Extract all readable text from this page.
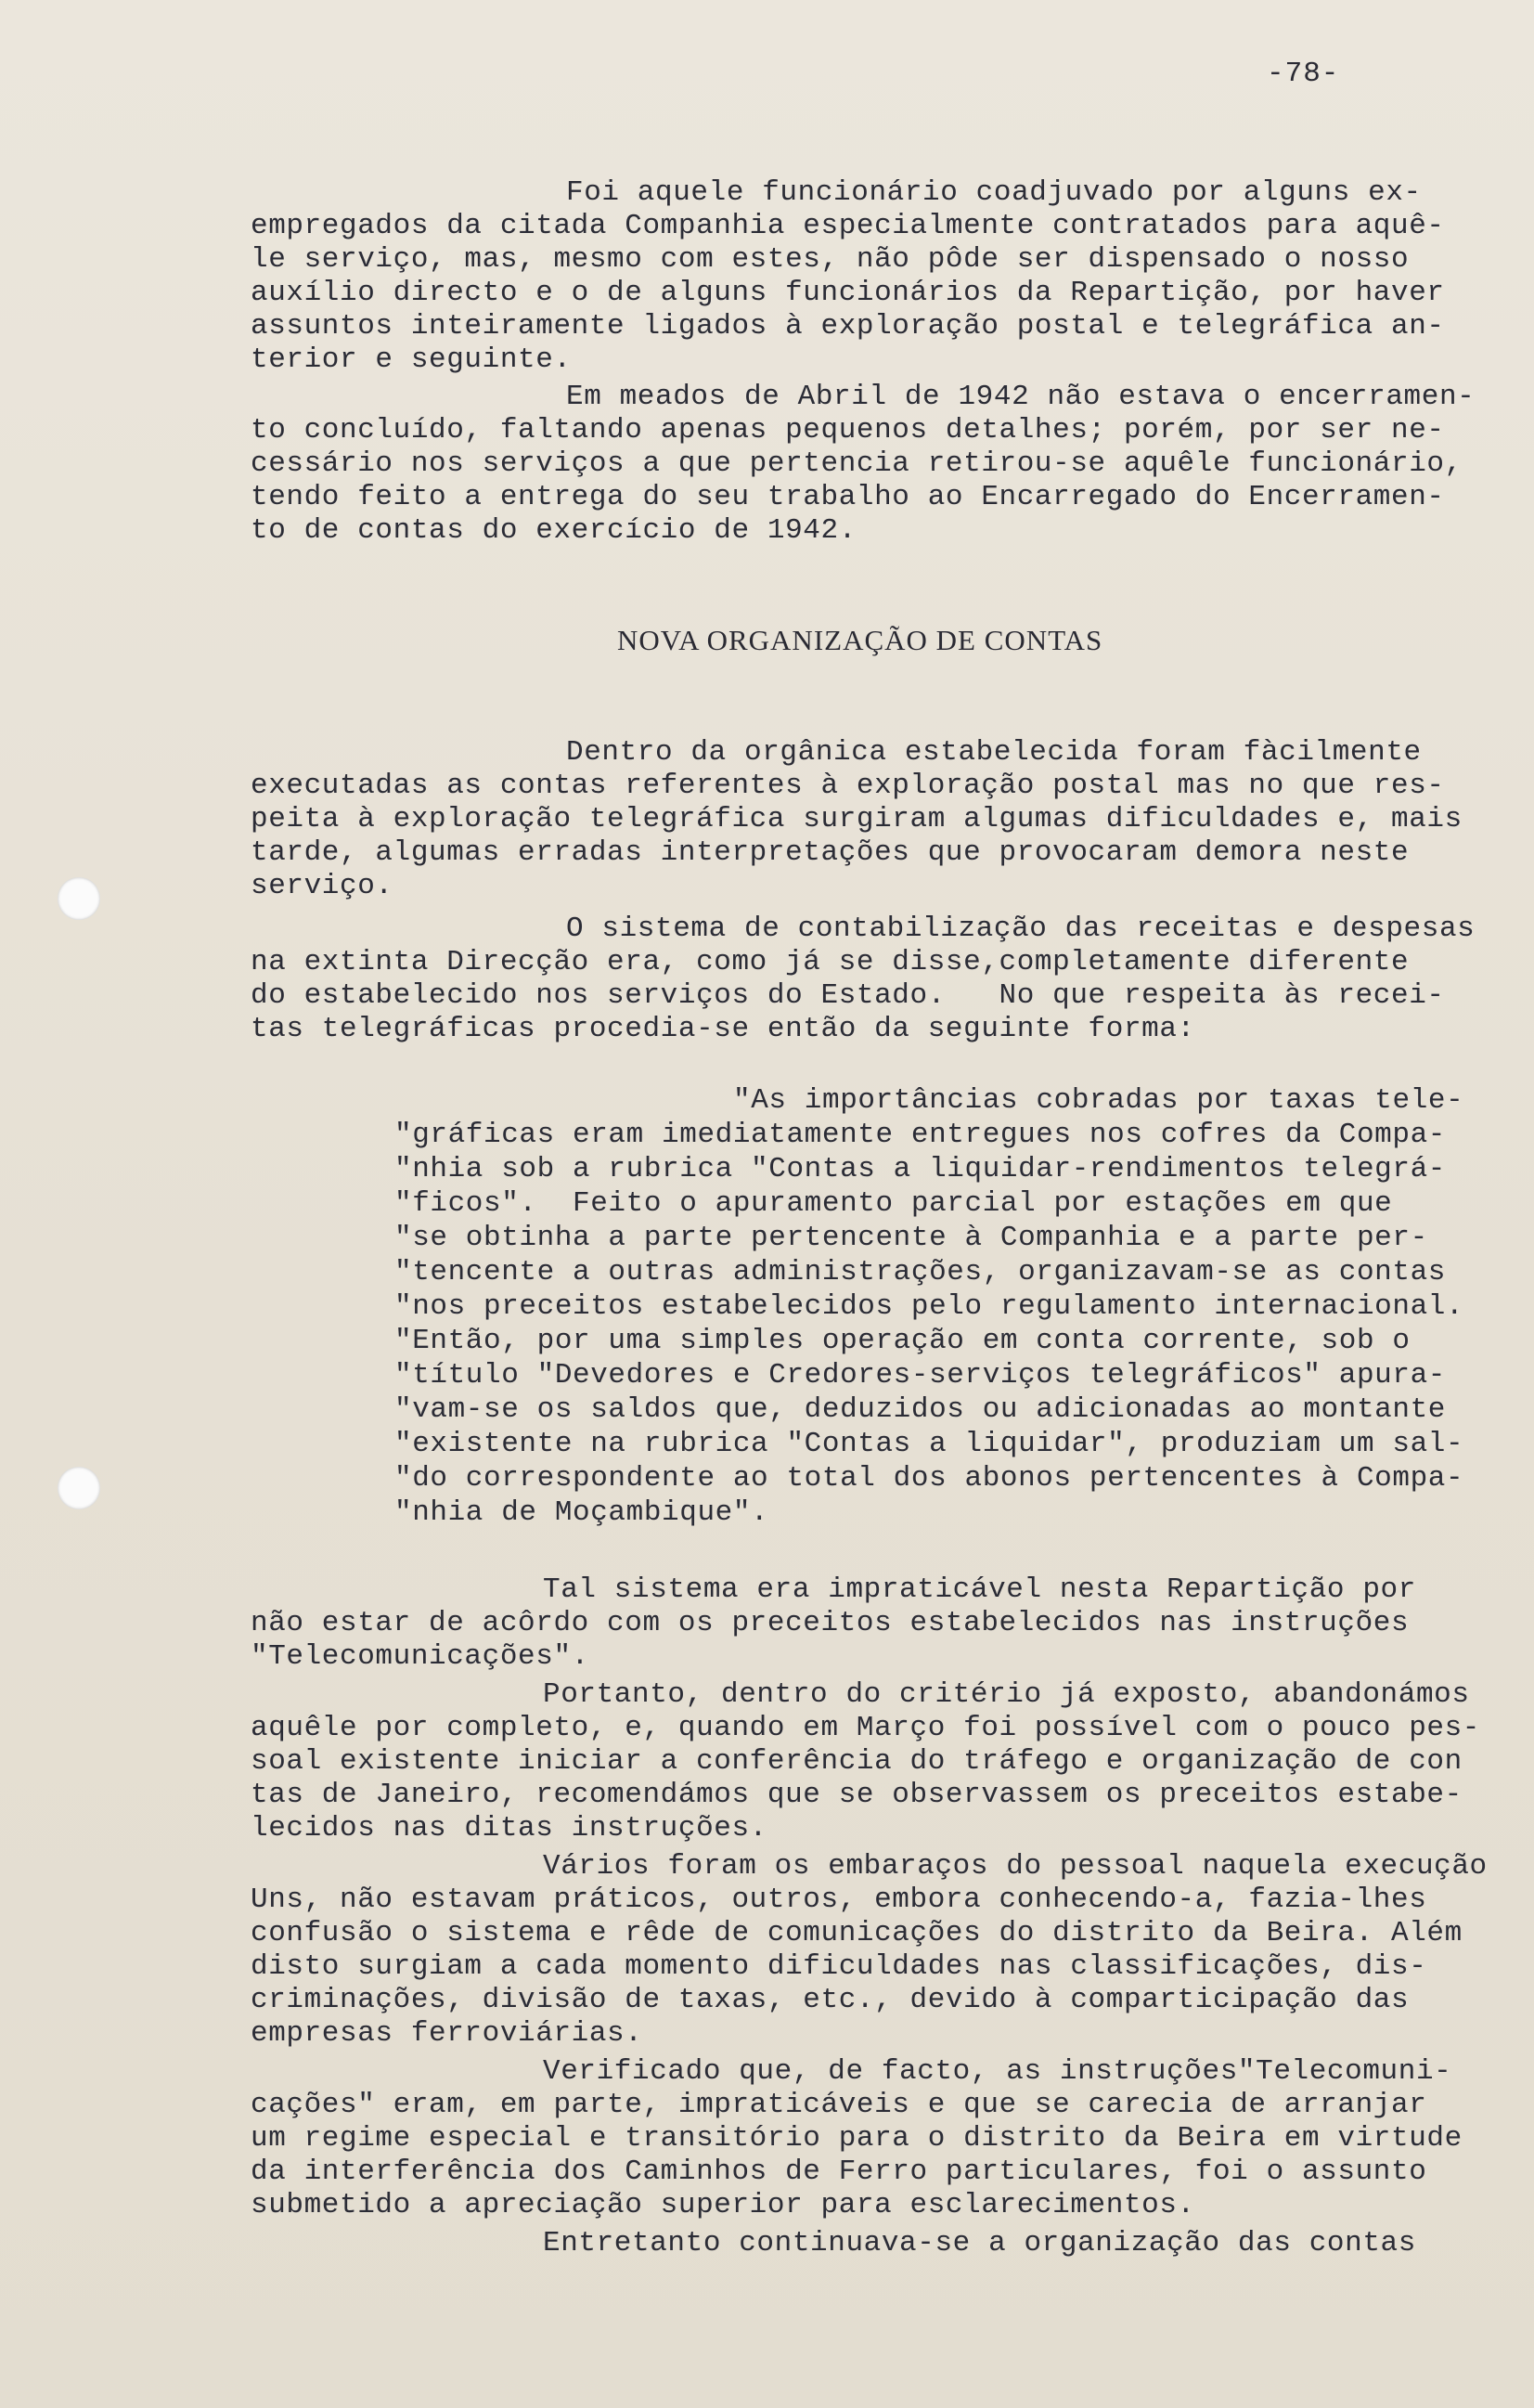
-78-
Foi aquele funcionário coadjuvado por alguns ex-
empregados da citada Companhia especialmente contratados para aquê-
le serviço, mas, mesmo com estes, não pôde ser dispensado o nosso
auxílio directo e o de alguns funcionários da Repartição, por haver
assuntos inteiramente ligados à exploração postal e telegráfica an-
terior e seguinte.
Em meados de Abril de 1942 não estava o encerramen-
to concluído, faltando apenas pequenos detalhes; porém, por ser ne-
cessário nos serviços a que pertencia retirou-se aquêle funcionário,
tendo feito a entrega do seu trabalho ao Encarregado do Encerramen-
to de contas do exercício de 1942.
NOVA ORGANIZAÇÃO DE CONTAS
Dentro da orgânica estabelecida foram fàcilmente
executadas as contas referentes à exploração postal mas no que res-
peita à exploração telegráfica surgiram algumas dificuldades e, mais
tarde, algumas erradas interpretações que provocaram demora neste
serviço.
O sistema de contabilização das receitas e despesas
na extinta Direcção era, como já se disse,completamente diferente
do estabelecido nos serviços do Estado.   No que respeita às recei-
tas telegráficas procedia-se então da seguinte forma:
"As importâncias cobradas por taxas tele-
"gráficas eram imediatamente entregues nos cofres da Compa-
"nhia sob a rubrica "Contas a liquidar-rendimentos telegrá-
"ficos".  Feito o apuramento parcial por estações em que
"se obtinha a parte pertencente à Companhia e a parte per-
"tencente a outras administrações, organizavam-se as contas
"nos preceitos estabelecidos pelo regulamento internacional.
"Então, por uma simples operação em conta corrente, sob o
"título "Devedores e Credores-serviços telegráficos" apura-
"vam-se os saldos que, deduzidos ou adicionadas ao montante
"existente na rubrica "Contas a liquidar", produziam um sal-
"do correspondente ao total dos abonos pertencentes à Compa-
"nhia de Moçambique".
Tal sistema era impraticável nesta Repartição por
não estar de acôrdo com os preceitos estabelecidos nas instruções
"Telecomunicações".
Portanto, dentro do critério já exposto, abandonámos
aquêle por completo, e, quando em Março foi possível com o pouco pes-
soal existente iniciar a conferência do tráfego e organização de con
tas de Janeiro, recomendámos que se observassem os preceitos estabe-
lecidos nas ditas instruções.
Vários foram os embaraços do pessoal naquela execução
Uns, não estavam práticos, outros, embora conhecendo-a, fazia-lhes
confusão o sistema e rêde de comunicações do distrito da Beira. Além
disto surgiam a cada momento dificuldades nas classificações, dis-
criminações, divisão de taxas, etc., devido à comparticipação das
empresas ferroviárias.
Verificado que, de facto, as instruções"Telecomuni-
cações" eram, em parte, impraticáveis e que se carecia de arranjar
um regime especial e transitório para o distrito da Beira em virtude
da interferência dos Caminhos de Ferro particulares, foi o assunto
submetido a apreciação superior para esclarecimentos.
Entretanto continuava-se a organização das contas
